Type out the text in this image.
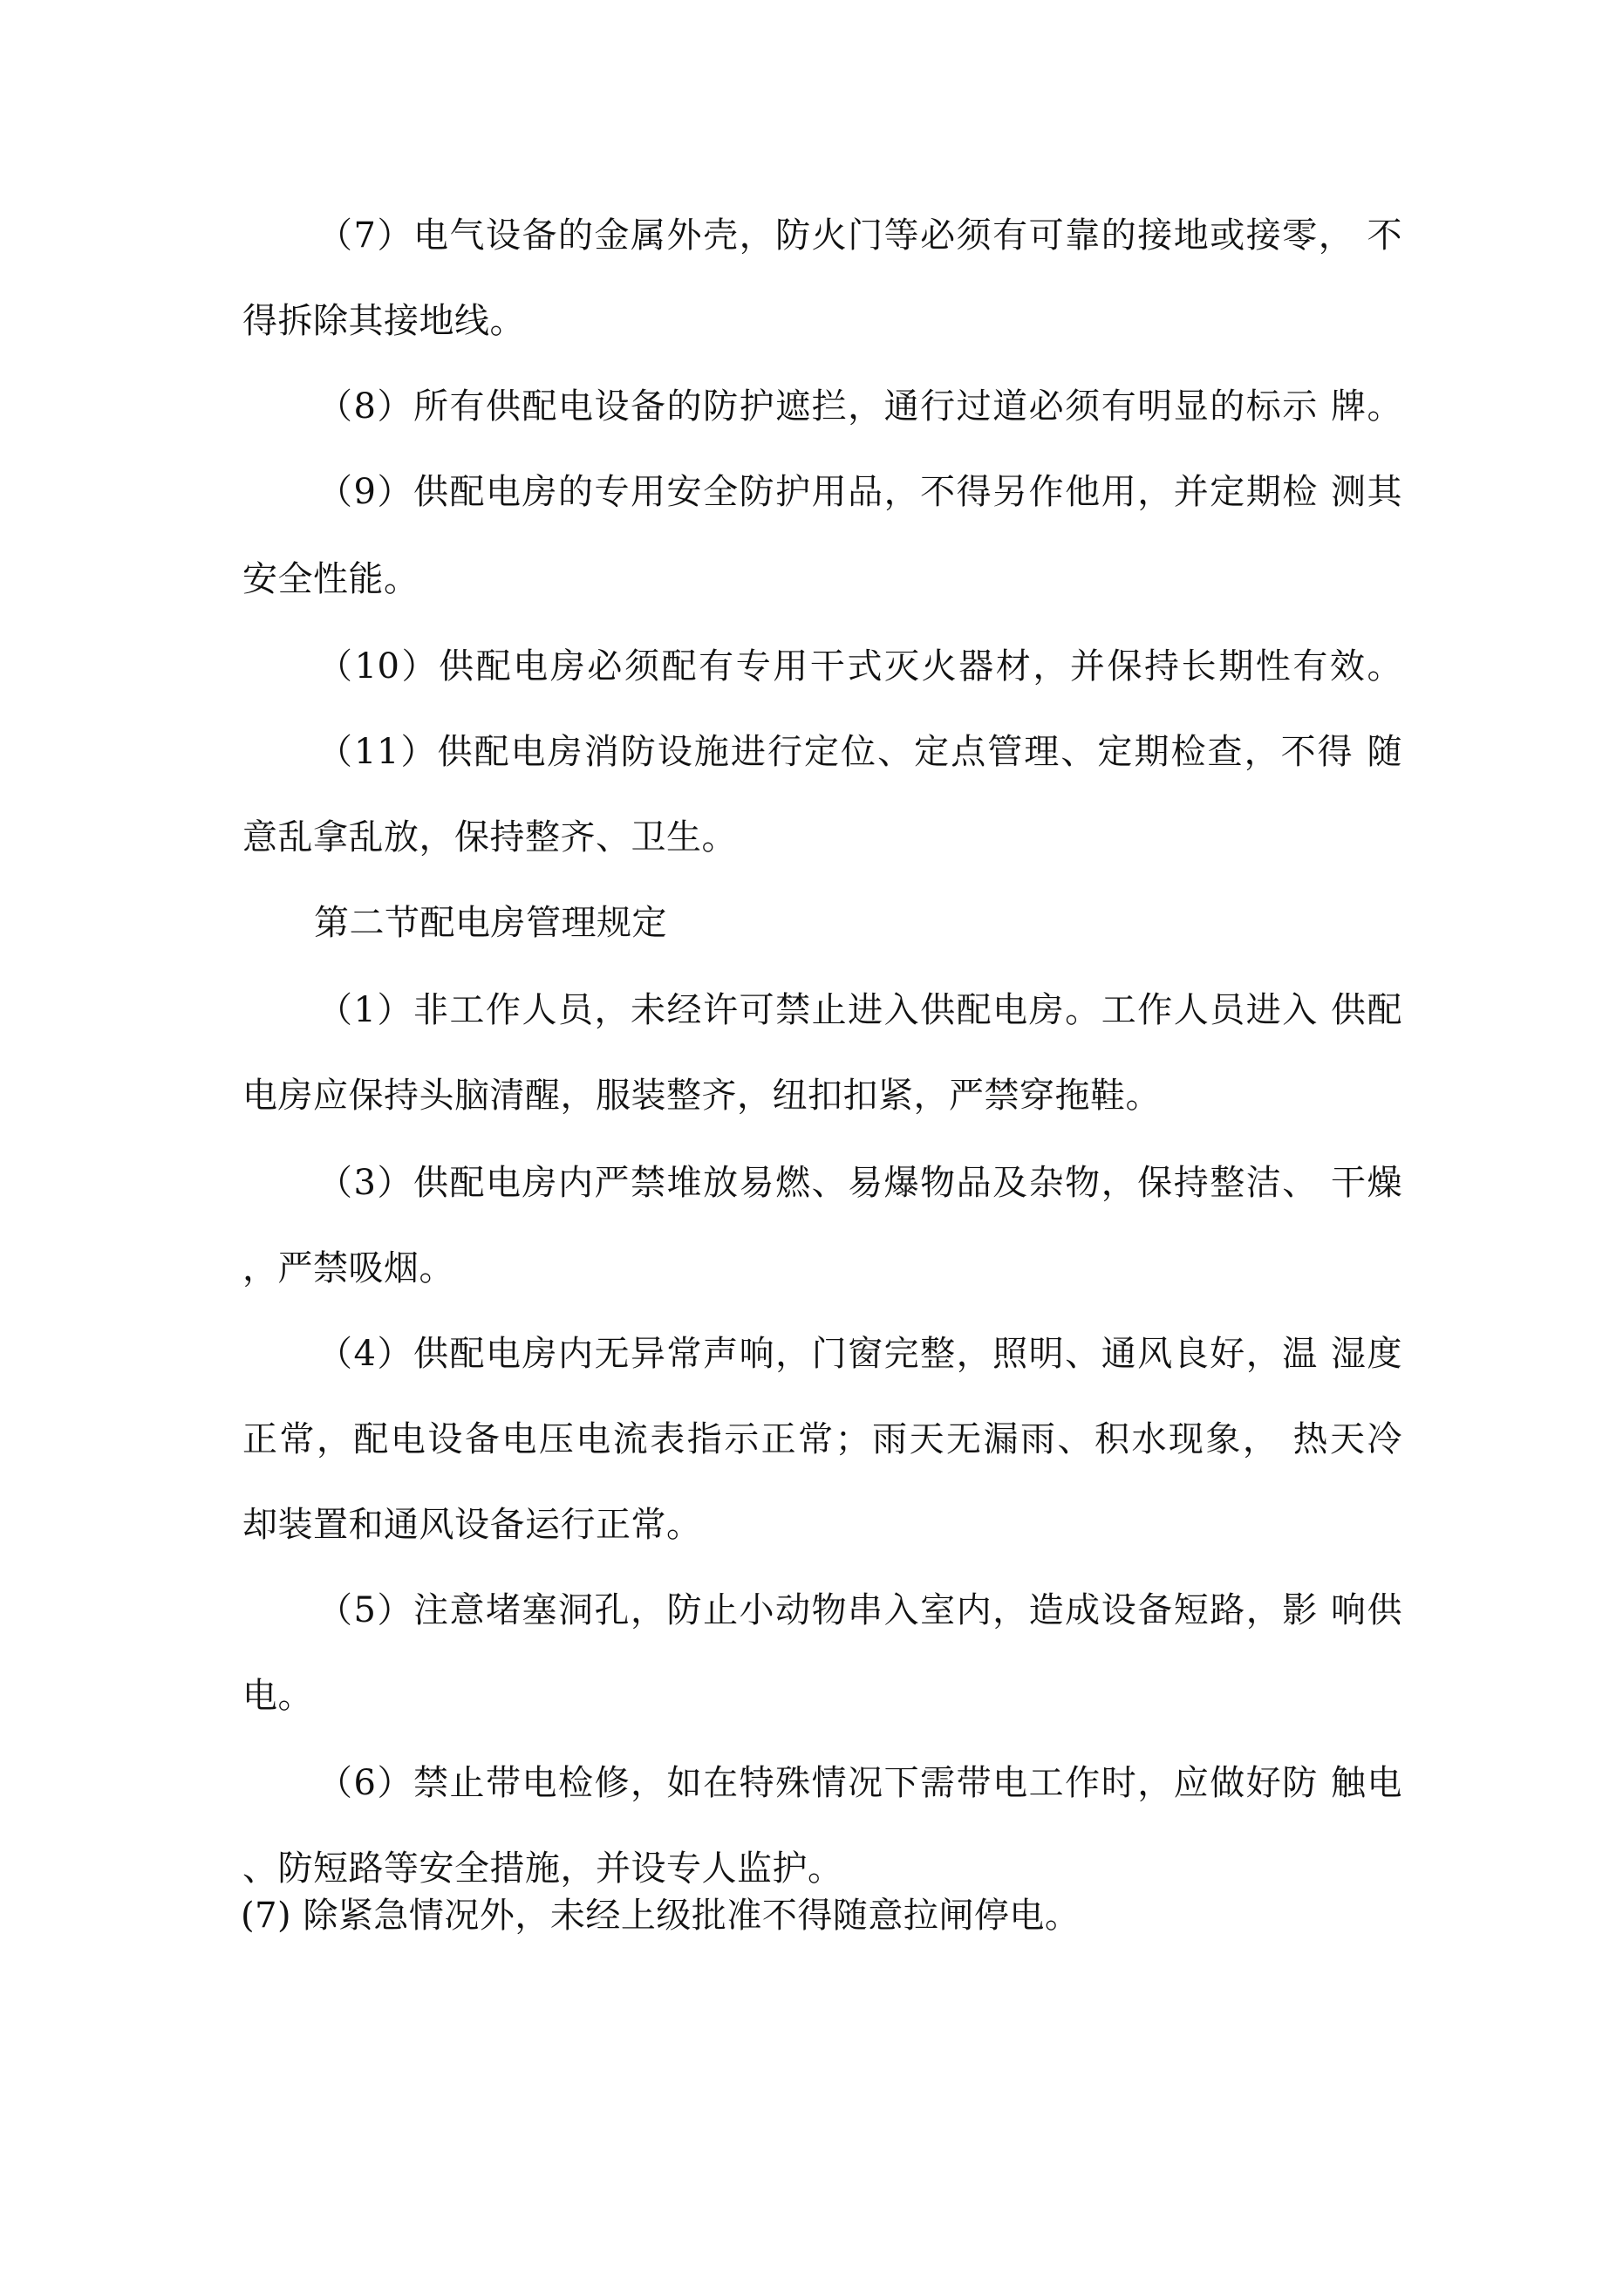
（7）电气设备的金属外壳，防火门等必须有可靠的接地或接零， 不
得拆除其接地线。
（8）所有供配电设备的防护遮拦，通行过道必须有明显的标示 牌。
（9）供配电房的专用安全防护用品，不得另作他用，并定期检 测其
安全性能。
（10）供配电房必须配有专用干式灭火器材，并保持长期性有效。
（11）供配电房消防设施进行定位、定点管理、定期检查，不得 随
意乱拿乱放，保持整齐、卫生。
第二节配电房管理规定
（1）非工作人员，未经许可禁止进入供配电房。工作人员进入 供配
电房应保持头脑清醒，服装整齐，纽扣扣紧，严禁穿拖鞋。
（3）供配电房内严禁堆放易燃、易爆物品及杂物，保持整洁、 干燥
，严禁吸烟。
（4）供配电房内无异常声响，门窗完整，照明、通风良好，温 湿度
正常，配电设备电压电流表指示正常；雨天无漏雨、积水现象， 热天冷
却装置和通风设备运行正常。
（5）注意堵塞洞孔，防止小动物串入室内，造成设备短路，影 响供
电。
（6）禁止带电检修，如在特殊情况下需带电工作时，应做好防 触电
、防短路等安全措施，并设专人监护。
(7) 除紧急情况外，未经上级批准不得随意拉闸停电。
